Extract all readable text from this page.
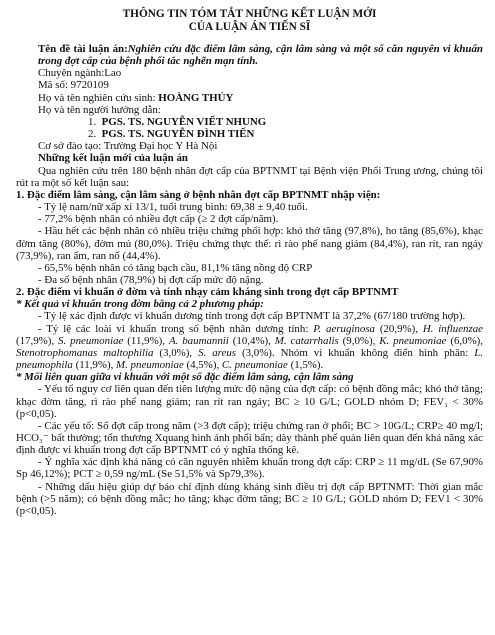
THÔNG TIN TÓM TẮT NHỮNG KẾT LUẬN MỚI
CỦA LUẬN ÁN TIẾN SĨ

Tên đề tài luận án:Nghiên cứu đặc điểm lâm sàng, cận lâm sàng và một số căn nguyên vi khuẩn trong đợt cấp của bệnh phổi tắc nghẽn mạn tính.

Chuyên ngành:Lao

Mã số: 9720109

Họ và tên nghiên cứu sinh: HOÀNG THỦY

Họ và tên người hướng dẫn:

1. PGS. TS. NGUYỄN VIẾT NHUNG

2. PGS. TS. NGUYỄN ĐÌNH TIẾN

Cơ sở đào tạo: Trường Đại học Y Hà Nội

Những kết luận mới của luận án

Qua nghiên cứu trên 180 bệnh nhân đợt cấp của BPTNMT tại Bệnh viện Phổi Trung ương, chúng tôi rút ra một số kết luận sau:

1. Đặc điểm lâm sàng, cận lâm sàng ở bệnh nhân đợt cấp BPTNMT nhập viện:

- Tỷ lệ nam/nữ xấp xỉ 13/1, tuổi trung bình: 69,38 ± 9,40 tuổi.

- 77,2% bệnh nhân có nhiều đợt cấp (≥ 2 đợt cấp/năm).

- Hầu hết các bệnh nhân có nhiều triệu chứng phối hợp: khó thở tăng (97,8%), ho tăng (85,6%), khạc đờm tăng (80%), đờm mủ (80,0%). Triệu chứng thực thể: rì rào phế nang giảm (84,4%), ran rít, ran ngáy (73,9%), ran ẩm, ran nổ (44,4%).

- 65,5% bệnh nhân có tăng bạch cầu, 81,1% tăng nồng độ CRP

- Đa số bệnh nhân (78,9%) bị đợt cấp mức độ nặng.

2. Đặc điểm vi khuẩn ở đờm và tính nhạy cảm kháng sinh trong đợt cấp BPTNMT

* Kết quả vi khuẩn trong đờm bằng cả 2 phương pháp:

- Tỷ lệ xác định được vi khuẩn dương tính trong đợt cấp BPTNMT là 37,2% (67/180 trường hợp).

- Tỷ lệ các loài vi khuẩn trong số bệnh nhân dương tính: P. aeruginosa (20,9%), H. influenzae (17,9%), S. pneumoniae (11,9%), A. baumannii (10,4%), M. catarrhalis (9,0%), K. pneumoniae (6,0%), Stenotrophomanas maltophilia (3,0%), S. areus (3,0%). Nhóm vi khuẩn không điển hình phân: L. pneumophila (11,9%), M. pneumoniae (4,5%), C. pneumoniae (1,5%).

* Mối liên quan giữa vi khuẩn với một số đặc điểm lâm sàng, cận lâm sàng

- Yếu tố nguy cơ liên quan đến tiên lượng mức độ nặng của đợt cấp: có bệnh đồng mắc; khó thở tăng; khạc đờm tăng, rì rào phế nang giảm; ran rít ran ngáy; BC ≥ 10 G/L; GOLD nhóm D; FEV₁ < 30% (p<0,05).

- Các yếu tố: Số đợt cấp trong năm (>3 đợt cấp); triệu chứng ran ở phổi; BC > 10G/L; CRP≥ 40 mg/l; HCO₃⁻ bất thường; tổn thương Xquang hình ảnh phổi bẩn; dày thành phế quản liên quan đến khả năng xác định được vi khuẩn trong đợt cấp BPTNMT có ý nghĩa thống kê.

- Ý nghĩa xác định khả năng có căn nguyên nhiễm khuẩn trong đợt cấp: CRP ≥ 11 mg/dL (Se 67,90% Sp 46,12%); PCT ≥ 0,59 ng/mL (Se 51,5% và Sp79,3%).

- Những dấu hiệu giúp dự báo chỉ định dùng kháng sinh điều trị đợt cấp BPTNMT: Thời gian mắc bệnh (>5 năm); có bệnh đồng mắc; ho tăng; khạc đờm tăng; BC ≥ 10 G/L; GOLD nhóm D; FEV1 < 30% (p<0,05).
